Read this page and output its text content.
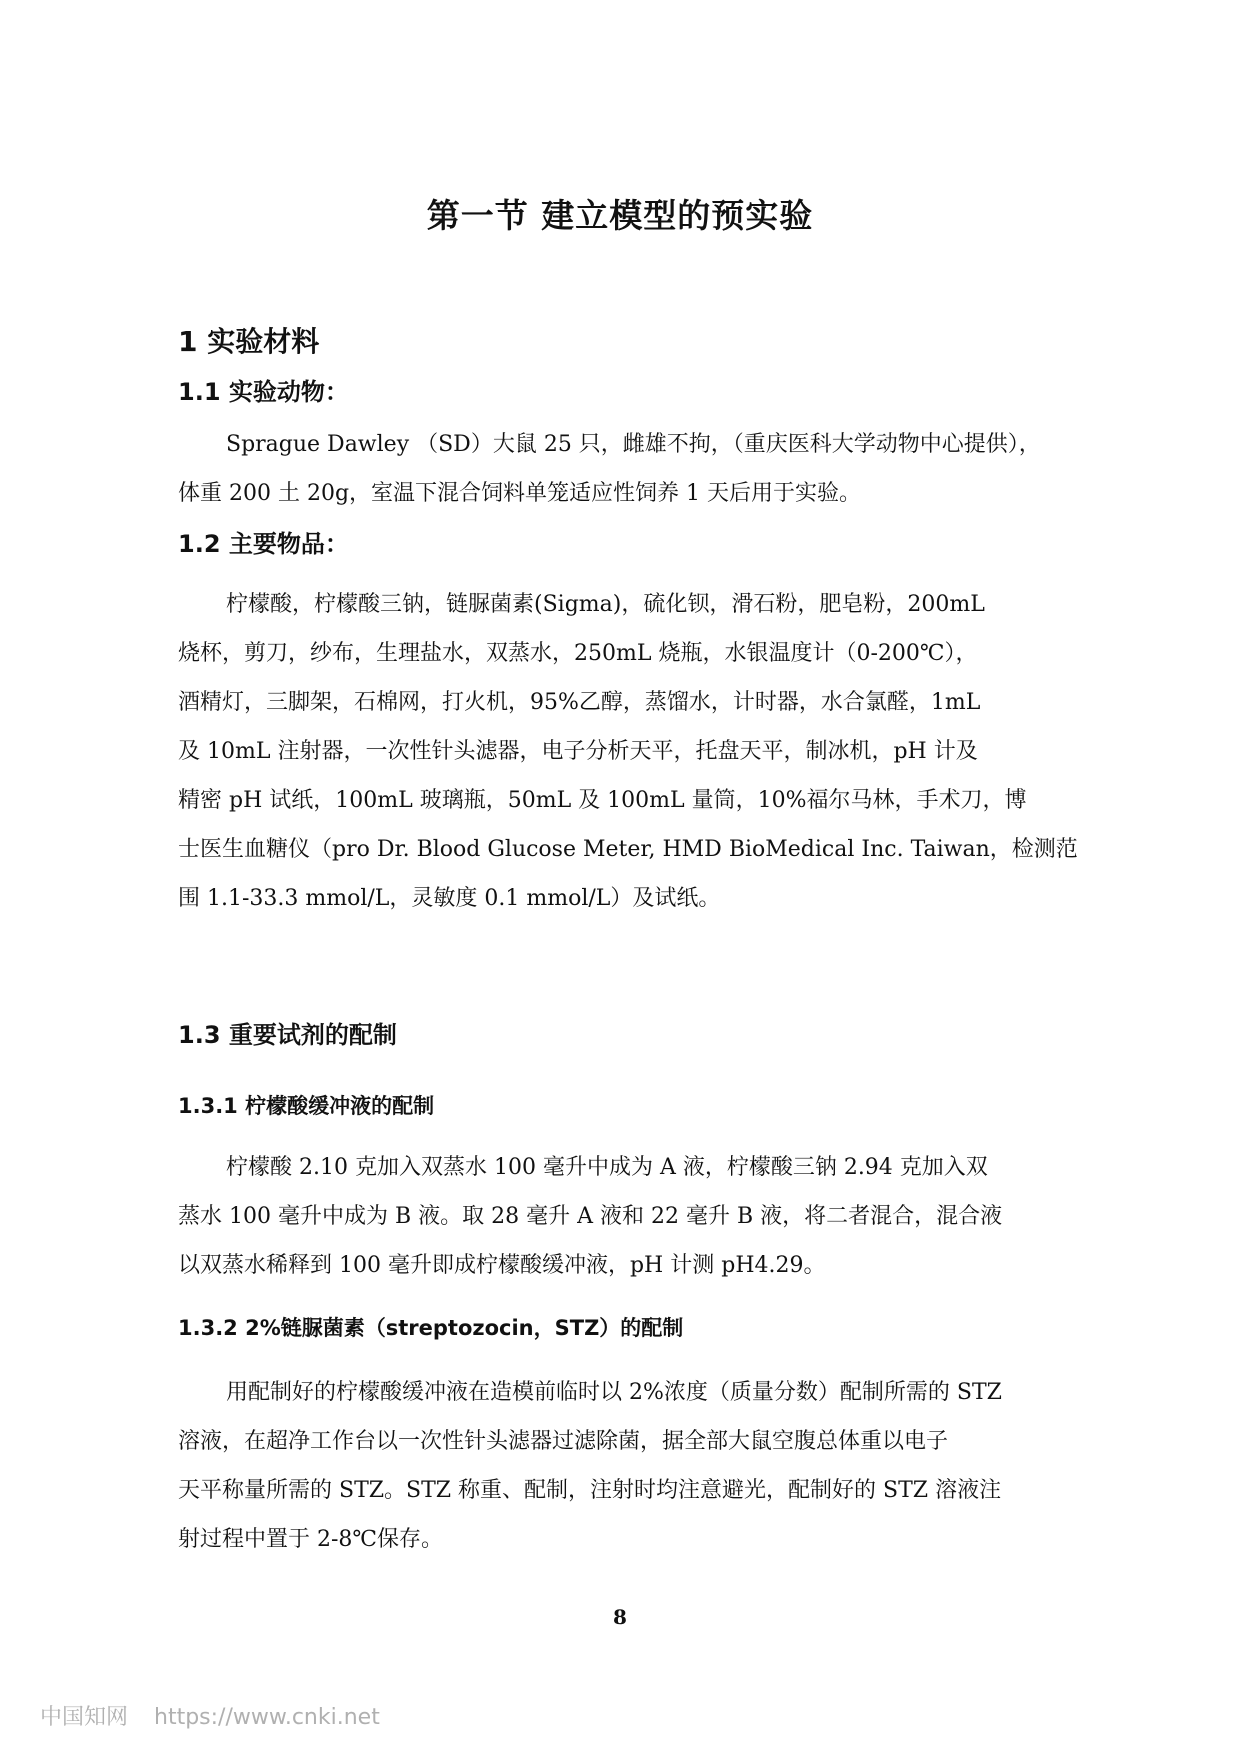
第一节 建立模型的预实验
1 实验材料
1.1 实验动物：
Sprague Dawley （SD）大鼠 25 只，雌雄不拘，（重庆医科大学动物中心提供），
体重 200 土 20g，室温下混合饲料单笼适应性饲养 1 天后用于实验。
1.2 主要物品：
柠檬酸，柠檬酸三钠，链脲菌素(Sigma)，硫化钡，滑石粉，肥皂粉，200mL
烧杯，剪刀，纱布，生理盐水，双蒸水，250mL 烧瓶，水银温度计（0-200℃），
酒精灯，三脚架，石棉网，打火机，95%乙醇，蒸馏水，计时器，水合氯醛，1mL
及 10mL 注射器，一次性针头滤器，电子分析天平，托盘天平，制冰机，pH 计及
精密 pH 试纸，100mL 玻璃瓶，50mL 及 100mL 量筒，10%福尔马林，手术刀，博
士医生血糖仪（pro Dr. Blood Glucose Meter, HMD BioMedical Inc. Taiwan，检测范
围 1.1-33.3 mmol/L，灵敏度 0.1 mmol/L）及试纸。
1.3 重要试剂的配制
1.3.1 柠檬酸缓冲液的配制
柠檬酸 2.10 克加入双蒸水 100 毫升中成为 A 液，柠檬酸三钠 2.94 克加入双
蒸水 100 毫升中成为 B 液。取 28 毫升 A 液和 22 毫升 B 液，将二者混合，混合液
以双蒸水稀释到 100 毫升即成柠檬酸缓冲液，pH 计测 pH4.29。
1.3.2 2%链脲菌素（streptozocin，STZ）的配制
用配制好的柠檬酸缓冲液在造模前临时以 2%浓度（质量分数）配制所需的 STZ
溶液，在超净工作台以一次性针头滤器过滤除菌，据全部大鼠空腹总体重以电子
天平称量所需的 STZ。STZ 称重、配制，注射时均注意避光，配制好的 STZ 溶液注
射过程中置于 2-8℃保存。
8
中国知网 https://www.cnki.net
